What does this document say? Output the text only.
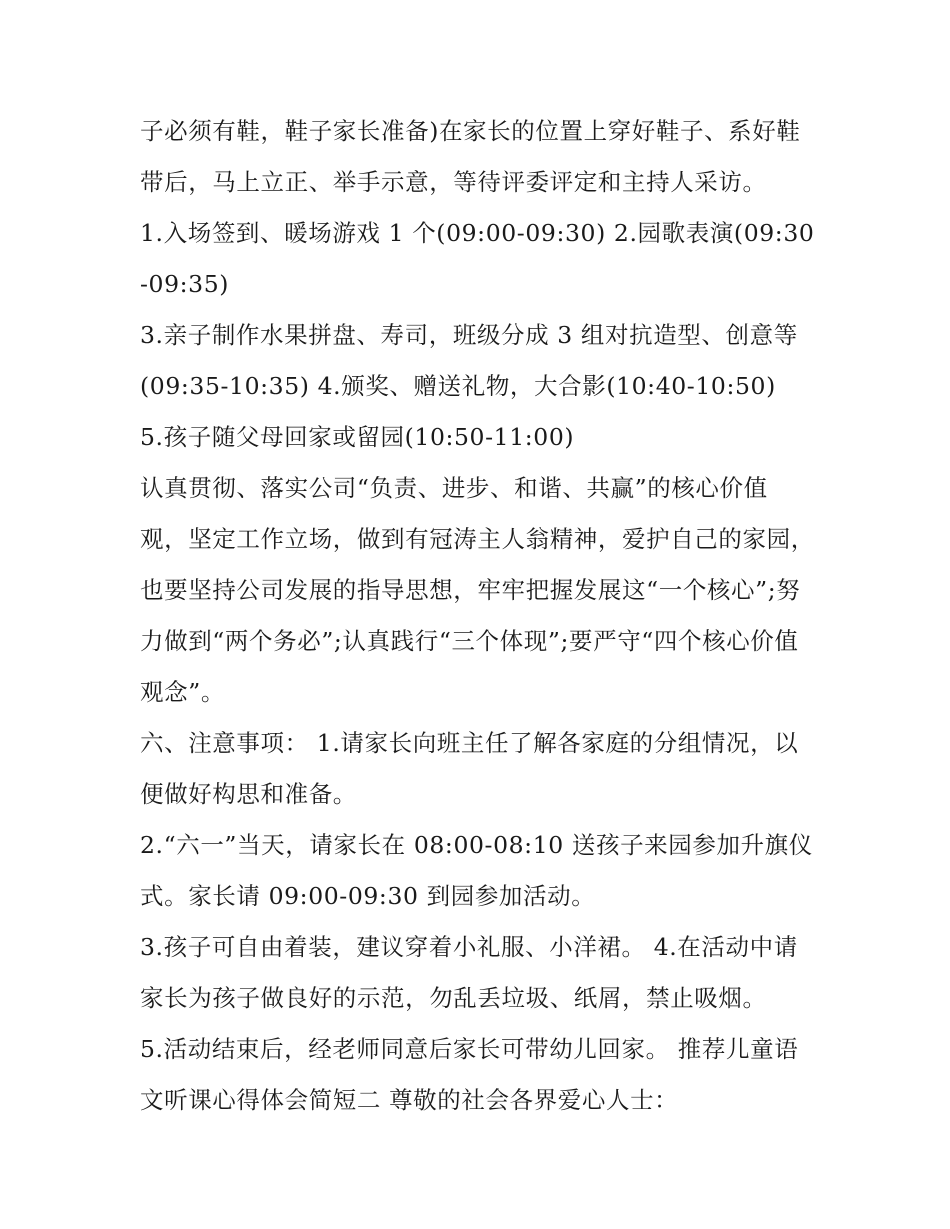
子必须有鞋，鞋子家长准备)在家长的位置上穿好鞋子、系好鞋带后，马上立正、举手示意，等待评委评定和主持人采访。

1.入场签到、暖场游戏 1 个(09:00-09:30) 2.园歌表演(09:30-09:35)

3.亲子制作水果拼盘、寿司，班级分成 3 组对抗造型、创意等(09:35-10:35) 4.颁奖、赠送礼物，大合影(10:40-10:50)

5.孩子随父母回家或留园(10:50-11:00)

认真贯彻、落实公司“负责、进步、和谐、共赢”的核心价值观，坚定工作立场，做到有冠涛主人翁精神，爱护自己的家园，也要坚持公司发展的指导思想，牢牢把握发展这“一个核心”;努力做到“两个务必”;认真践行“三个体现”;要严守“四个核心价值观念”。

六、注意事项： 1.请家长向班主任了解各家庭的分组情况，以便做好构思和准备。

2.“六一”当天，请家长在 08:00-08:10 送孩子来园参加升旗仪式。家长请 09:00-09:30 到园参加活动。

3.孩子可自由着装，建议穿着小礼服、小洋裙。 4.在活动中请家长为孩子做良好的示范，勿乱丢垃圾、纸屑，禁止吸烟。

5.活动结束后，经老师同意后家长可带幼儿回家。 推荐儿童语文听课心得体会简短二 尊敬的社会各界爱心人士：
